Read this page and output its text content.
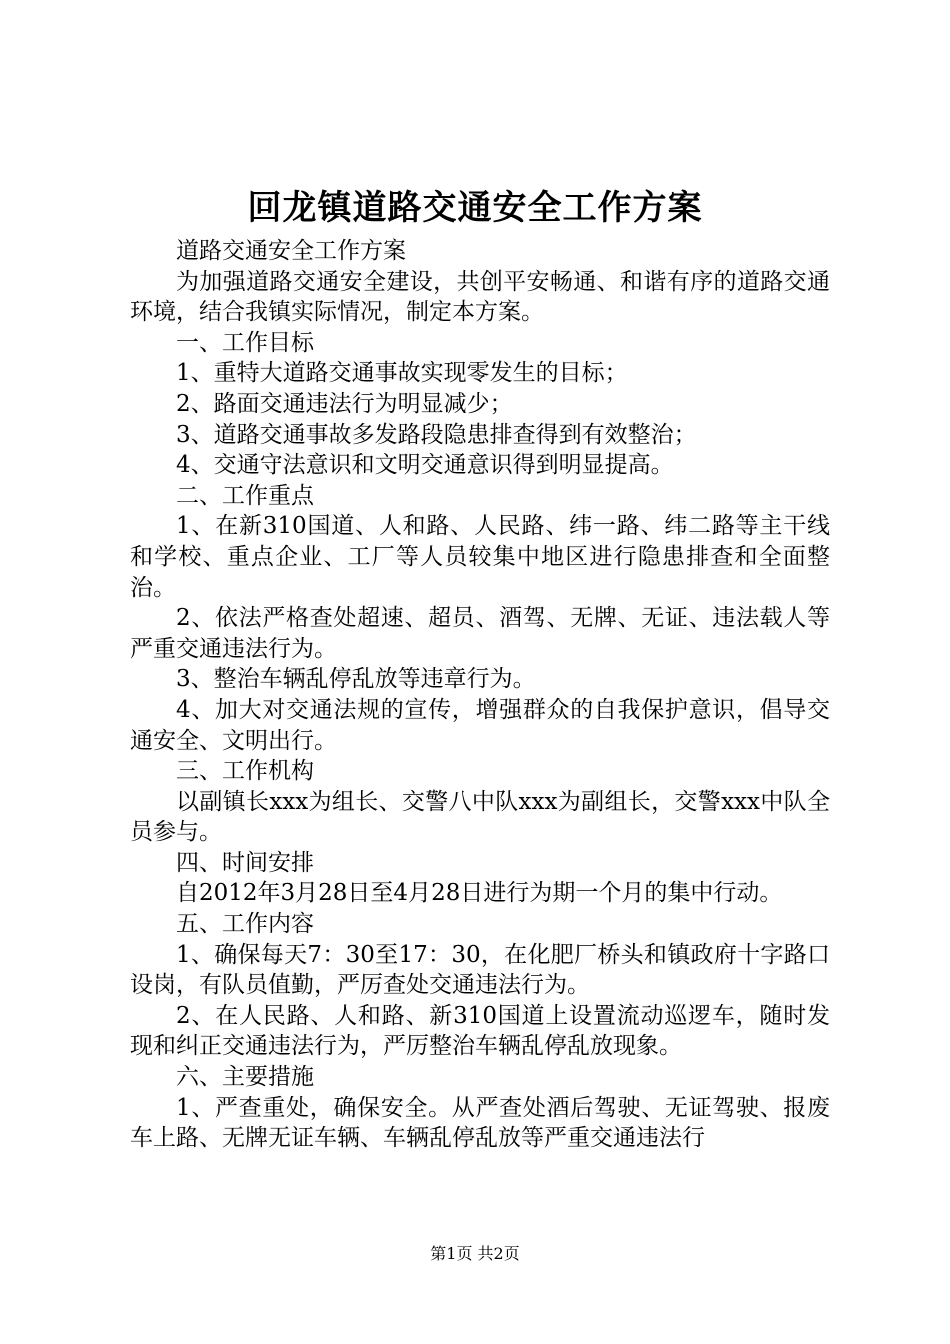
回龙镇道路交通安全工作方案

道路交通安全工作方案

为加强道路交通安全建设，共创平安畅通、和谐有序的道路交通环境，结合我镇实际情况，制定本方案。

一、工作目标

1、重特大道路交通事故实现零发生的目标；

2、路面交通违法行为明显减少；

3、道路交通事故多发路段隐患排查得到有效整治；

4、交通守法意识和文明交通意识得到明显提高。

二、工作重点

1、在新310国道、人和路、人民路、纬一路、纬二路等主干线和学校、重点企业、工厂等人员较集中地区进行隐患排查和全面整治。

2、依法严格查处超速、超员、酒驾、无牌、无证、违法载人等严重交通违法行为。

3、整治车辆乱停乱放等违章行为。

4、加大对交通法规的宣传，增强群众的自我保护意识，倡导交通安全、文明出行。

三、工作机构

以副镇长xxx为组长、交警八中队xxx为副组长，交警xxx中队全员参与。

四、时间安排

自2012年3月28日至4月28日进行为期一个月的集中行动。

五、工作内容

1、确保每天7：30至17：30，在化肥厂桥头和镇政府十字路口设岗，有队员值勤，严厉查处交通违法行为。

2、在人民路、人和路、新310国道上设置流动巡逻车，随时发现和纠正交通违法行为，严厉整治车辆乱停乱放现象。

六、主要措施

1、严查重处，确保安全。从严查处酒后驾驶、无证驾驶、报废车上路、无牌无证车辆、车辆乱停乱放等严重交通违法行

第1页 共2页
